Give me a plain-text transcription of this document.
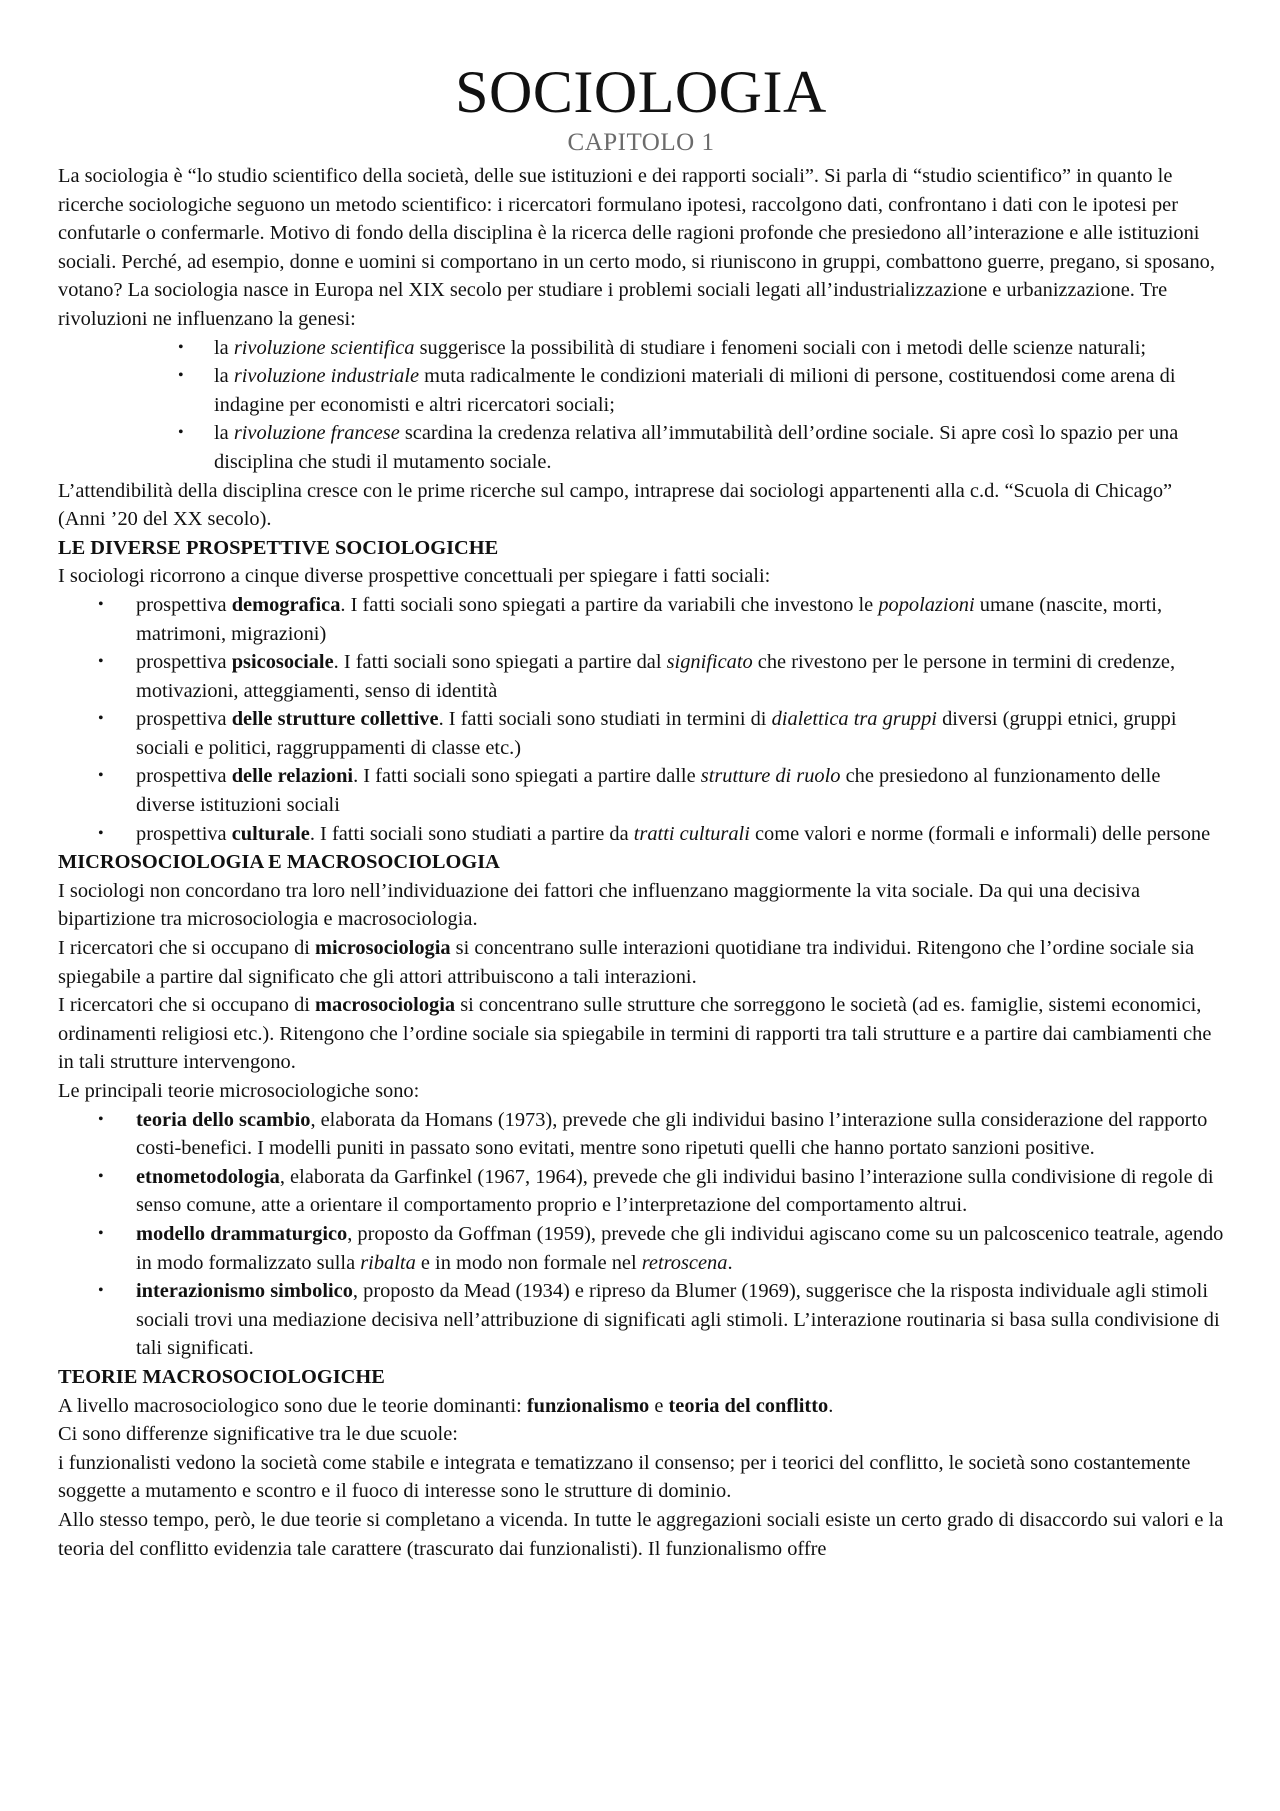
SOCIOLOGIA
CAPITOLO 1

La sociologia è “lo studio scientifico della società, delle sue istituzioni e dei rapporti sociali”. Si parla di “studio scientifico” in quanto le ricerche sociologiche seguono un metodo scientifico: i ricercatori formulano ipotesi, raccolgono dati, confrontano i dati con le ipotesi per confutarle o confermarle. Motivo di fondo della disciplina è la ricerca delle ragioni profonde che presiedono all’interazione e alle istituzioni sociali. Perché, ad esempio, donne e uomini si comportano in un certo modo, si riuniscono in gruppi, combattono guerre, pregano, si sposano, votano? La sociologia nasce in Europa nel XIX secolo per studiare i problemi sociali legati all’industrializzazione e urbanizzazione. Tre rivoluzioni ne influenzano la genesi:

• la rivoluzione scientifica suggerisce la possibilità di studiare i fenomeni sociali con i metodi delle scienze naturali;
• la rivoluzione industriale muta radicalmente le condizioni materiali di milioni di persone, costituendosi come arena di indagine per economisti e altri ricercatori sociali;
• la rivoluzione francese scardina la credenza relativa all’immutabilità dell’ordine sociale. Si apre così lo spazio per una disciplina che studi il mutamento sociale.

L’attendibilità della disciplina cresce con le prime ricerche sul campo, intraprese dai sociologi appartenenti alla c.d. “Scuola di Chicago” (Anni ’20 del XX secolo).

LE DIVERSE PROSPETTIVE SOCIOLOGICHE

I sociologi ricorrono a cinque diverse prospettive concettuali per spiegare i fatti sociali:

• prospettiva demografica. I fatti sociali sono spiegati a partire da variabili che investono le popolazioni umane (nascite, morti, matrimoni, migrazioni)
• prospettiva psicosociale. I fatti sociali sono spiegati a partire dal significato che rivestono per le persone in termini di credenze, motivazioni, atteggiamenti, senso di identità
• prospettiva delle strutture collettive. I fatti sociali sono studiati in termini di dialettica tra gruppi diversi (gruppi etnici, gruppi sociali e politici, raggruppamenti di classe etc.)
• prospettiva delle relazioni. I fatti sociali sono spiegati a partire dalle strutture di ruolo che presiedono al funzionamento delle diverse istituzioni sociali
• prospettiva culturale. I fatti sociali sono studiati a partire da tratti culturali come valori e norme (formali e informali) delle persone
MICROSOCIOLOGIA E MACROSOCIOLOGIA

I sociologi non concordano tra loro nell’individuazione dei fattori che influenzano maggiormente la vita sociale. Da qui una decisiva bipartizione tra microsociologia e macrosociologia.

I ricercatori che si occupano di microsociologia si concentrano sulle interazioni quotidiane tra individui. Ritengono che l’ordine sociale sia spiegabile a partire dal significato che gli attori attribuiscono a tali interazioni.

I ricercatori che si occupano di macrosociologia si concentrano sulle strutture che sorreggono le società (ad es. famiglie, sistemi economici, ordinamenti religiosi etc.). Ritengono che l’ordine sociale sia spiegabile in termini di rapporti tra tali strutture e a partire dai cambiamenti che in tali strutture intervengono.

Le principali teorie microsociologiche sono:

• teoria dello scambio, elaborata da Homans (1973), prevede che gli individui basino l’interazione sulla considerazione del rapporto costi-benefici. I modelli puniti in passato sono evitati, mentre sono ripetuti quelli che hanno portato sanzioni positive.
• etnometodologia, elaborata da Garfinkel (1967, 1964), prevede che gli individui basino l’interazione sulla condivisione di regole di senso comune, atte a orientare il comportamento proprio e l’interpretazione del comportamento altrui.
• modello drammaturgico, proposto da Goffman (1959), prevede che gli individui agiscano come su un palcoscenico teatrale, agendo in modo formalizzato sulla ribalta e in modo non formale nel retroscena.
• interazionismo simbolico, proposto da Mead (1934) e ripreso da Blumer (1969), suggerisce che la risposta individuale agli stimoli sociali trovi una mediazione decisiva nell’attribuzione di significati agli stimoli. L’interazione routinaria si basa sulla condivisione di tali significati.
TEORIE MACROSOCIOLOGICHE

A livello macrosociologico sono due le teorie dominanti: funzionalismo e teoria del conflitto.

Ci sono differenze significative tra le due scuole:

i funzionalisti vedono la società come stabile e integrata e tematizzano il consenso; per i teorici del conflitto, le società sono costantemente soggette a mutamento e scontro e il fuoco di interesse sono le strutture di dominio.

Allo stesso tempo, però, le due teorie si completano a vicenda. In tutte le aggregazioni sociali esiste un certo grado di disaccordo sui valori e la teoria del conflitto evidenzia tale carattere (trascurato dai funzionalisti). Il funzionalismo offre
